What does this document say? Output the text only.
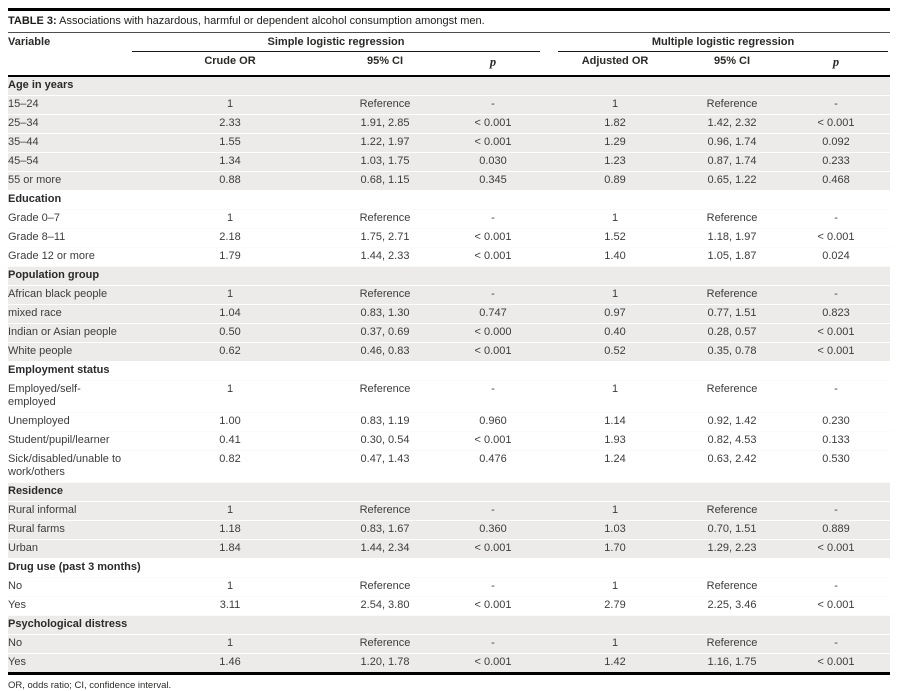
TABLE 3: Associations with hazardous, harmful or dependent alcohol consumption amongst men.
Variable	Simple logistic regression			Multiple logistic regression		

	Crude OR	95% CI	p	Adjusted OR	95% CI	p
Age in years						
15–24	1	Reference	-	1	Reference	-
25–34	2.33	1.91, 2.85	< 0.001	1.82	1.42, 2.32	< 0.001
35–44	1.55	1.22, 1.97	< 0.001	1.29	0.96, 1.74	0.092
45–54	1.34	1.03, 1.75	0.030	1.23	0.87, 1.74	0.233
55 or more	0.88	0.68, 1.15	0.345	0.89	0.65, 1.22	0.468
Education						
Grade 0–7	1	Reference	-	1	Reference	-
Grade 8–11	2.18	1.75, 2.71	< 0.001	1.52	1.18, 1.97	< 0.001
Grade 12 or more	1.79	1.44, 2.33	< 0.001	1.40	1.05, 1.87	0.024
Population group						
African black people	1	Reference	-	1	Reference	-
mixed race	1.04	0.83, 1.30	0.747	0.97	0.77, 1.51	0.823
Indian or Asian people	0.50	0.37, 0.69	< 0.000	0.40	0.28, 0.57	< 0.001
White people	0.62	0.46, 0.83	< 0.001	0.52	0.35, 0.78	< 0.001
Employment status						
Employed/self-employed	1	Reference	-	1	Reference	-
Unemployed	1.00	0.83, 1.19	0.960	1.14	0.92, 1.42	0.230
Student/pupil/learner	0.41	0.30, 0.54	< 0.001	1.93	0.82, 4.53	0.133
Sick/disabled/unable to work/others	0.82	0.47, 1.43	0.476	1.24	0.63, 2.42	0.530
Residence						
Rural informal	1	Reference	-	1	Reference	-
Rural farms	1.18	0.83, 1.67	0.360	1.03	0.70, 1.51	0.889
Urban	1.84	1.44, 2.34	< 0.001	1.70	1.29, 2.23	< 0.001
Drug use (past 3 months)						
No	1	Reference	-	1	Reference	-
Yes	3.11	2.54, 3.80	< 0.001	2.79	2.25, 3.46	< 0.001
Psychological distress						
No	1	Reference	-	1	Reference	-
Yes	1.46	1.20, 1.78	< 0.001	1.42	1.16, 1.75	< 0.001
OR, odds ratio; CI, confidence interval.
